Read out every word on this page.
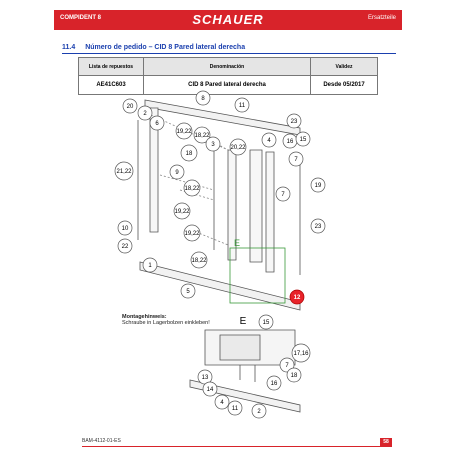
COMPIDENT 8	SCHAUER	Ersatzteile
11.4 Número de pedido – CID 8 Pared lateral derecha
Lista de repuestos	Denominación	Validez
AE41C603	CID 8 Pared lateral derecha	Desde 05/2017
20
8
11
2
23
6
19,22
18,22
3
4	16 15
18
20,22
7
21,22	9
18,22	19
7
19,22
10
19,22
23
22
18,22
1
E
5
12
E	15
17,16
7
13
14
16
18
4
11	2
Montagehinweis:
Schraube in Lagerbolzen einkleben!
BAM-4112-01-ES	58
